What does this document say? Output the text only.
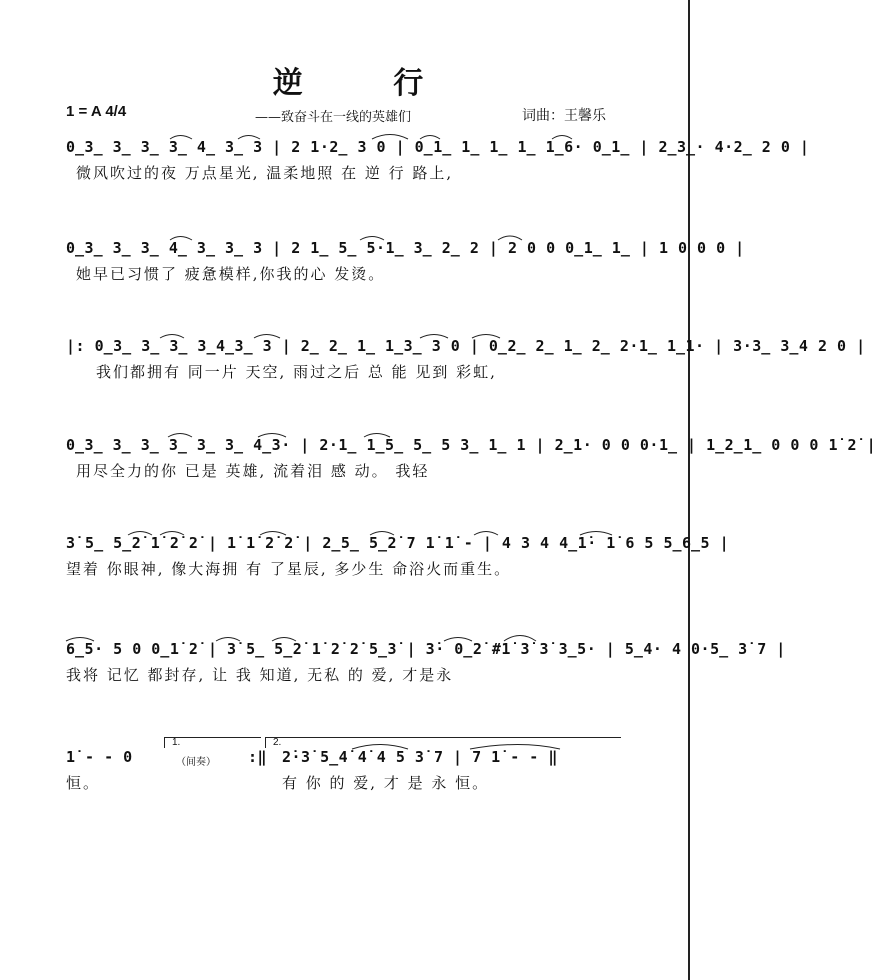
逆 行
1 = A 4/4	——致奋斗在一线的英雄们	词曲：王馨乐
0̲3̲ 3̲ 3̲ 3̲ 4̲ 3̲ 3 | 2 1·2̲ 3 0 | 0̲1̲ 1̲ 1̲ 1̲ 1̲6· 0̲1̲ | 2̲3̲· 4·2̲ 2 0 |
微风吹过的夜 万点星光, 温柔地照 在 逆 行 路上,
0̲3̲ 3̲ 3̲ 4̲ 3̲ 3̲ 3 | 2 1̲ 5̲ 5·1̲ 3̲ 2̲ 2 | 2 0 0 0̲1̲ 1̲ | 1 0 0 0 |
她早已习惯了 疲惫模样,你我的心 发烫。
|: 0̲3̲ 3̲ 3̲ 3̲4̲3̲ 3 | 2̲ 2̲ 1̲ 1̲3̲ 3 0 | 0̲2̲ 2̲ 1̲ 2̲ 2·1̲ 1̲1· | 3·3̲ 3̲4 2 0 |
我们都拥有 同一片 天空, 雨过之后 总 能 见到 彩虹,
0̲3̲ 3̲ 3̲ 3̲ 3̲ 3̲ 4̲3· | 2·1̲ 1̲5̲ 5̲ 5 3̲ 1̲ 1 | 2̲1· 0 0 0·1̲ | 1̲2̲1̲ 0 0 0 1̇ 2̇ |
用尽全力的你 已是 英雄, 流着泪 感 动。 我轻
3̇ 5̲ 5̲2̇ 1̇ 2̇ 2̇ | 1̇ 1̇ 2̇ 2̇ | 2̲5̲ 5̲2̇ 7 1̇ 1̇ - | 4 3 4 4̲1̇· 1̇ 6 5 5̲6̲5 |
望着 你眼神, 像大海拥 有 了星辰, 多少生 命浴火而重生。
6̲5· 5 0 0̲1̇ 2̇ | 3̇ 5̲ 5̲2̇ 1̇ 2̇ 2̇ 5̲3̇ | 3̇· 0̲2̇ #1̇ 3̇ 3̇ 3̲5· | 5̲4· 4 0·5̲ 3̇ 7 |
我将 记忆 都封存, 让 我 知道, 无私 的 爱, 才是永
1̇ - - 0
恒。
1.
（间奏） :‖
2.
2̇·3̇ 5̲4̇ 4̇ 4 5 3̇ 7 | 7 1̇ - - ‖
有 你 的 爱, 才 是 永 恒。
